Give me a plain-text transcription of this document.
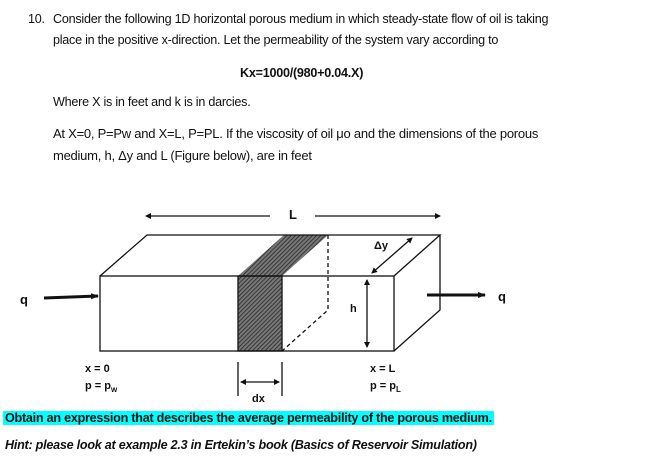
10. Consider the following 1D horizontal porous medium in which steady-state flow of oil is taking
place in the positive x-direction. Let the permeability of the system vary according to
Kx=1000/(980+0.04.X)
Where X is in feet and k is in darcies.
At X=0, P=Pw and X=L, P=PL. If the viscosity of oil μo and the dimensions of the porous
medium, h, Δy and L (Figure below), are in feet
L
Δy
h
q	q
x = 0
$p = p_w$
x = L
$p = p_L$
dx
Obtain an expression that describes the average permeability of the porous medium.
Hint: please look at example 2.3 in Ertekin’s book (Basics of Reservoir Simulation)
